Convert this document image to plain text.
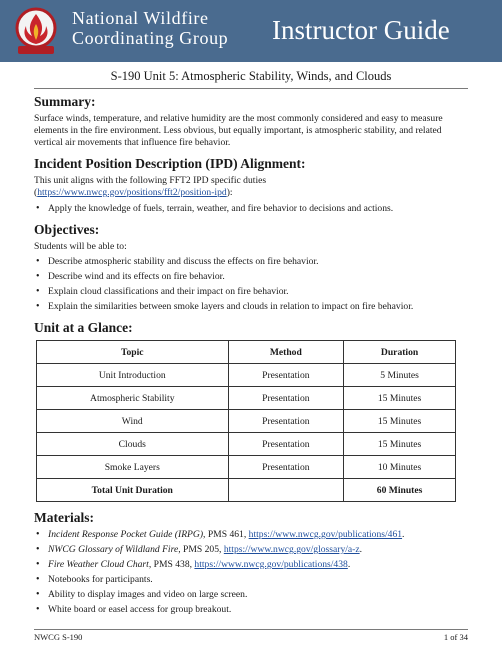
National Wildfire
Coordinating Group Instructor Guide
S-190 Unit 5: Atmospheric Stability, Winds, and Clouds
Summary:

Surface winds, temperature, and relative humidity are the most commonly considered and easy to measure elements in the fire environment. Less obvious, but equally important, is atmospheric stability, and related vertical air movements that influence fire behavior.

Incident Position Description (IPD) Alignment:

This unit aligns with the following FFT2 IPD specific duties

(https://www.nwcg.gov/positions/fft2/position-ipd):

• Apply the knowledge of fuels, terrain, weather, and fire behavior to decisions and actions.
Objectives:

Students will be able to:

• Describe atmospheric stability and discuss the effects on fire behavior.
• Describe wind and its effects on fire behavior.
• Explain cloud classifications and their impact on fire behavior.
• Explain the similarities between smoke layers and clouds in relation to impact on fire behavior.
Unit at a Glance:
Topic	Method	Duration
Unit Introduction	Presentation	5 Minutes
Atmospheric Stability	Presentation	15 Minutes
Wind	Presentation	15 Minutes
Clouds	Presentation	15 Minutes
Smoke Layers	Presentation	10 Minutes
Total Unit Duration		60 Minutes
Materials:
• Incident Response Pocket Guide (IRPG), PMS 461, https://www.nwcg.gov/publications/461.
• NWCG Glossary of Wildland Fire, PMS 205, https://www.nwcg.gov/glossary/a-z.
• Fire Weather Cloud Chart, PMS 438, https://www.nwcg.gov/publications/438.
• Notebooks for participants.
• Ability to display images and video on large screen.
• White board or easel access for group breakout.
NWCG S-190	1 of 34
